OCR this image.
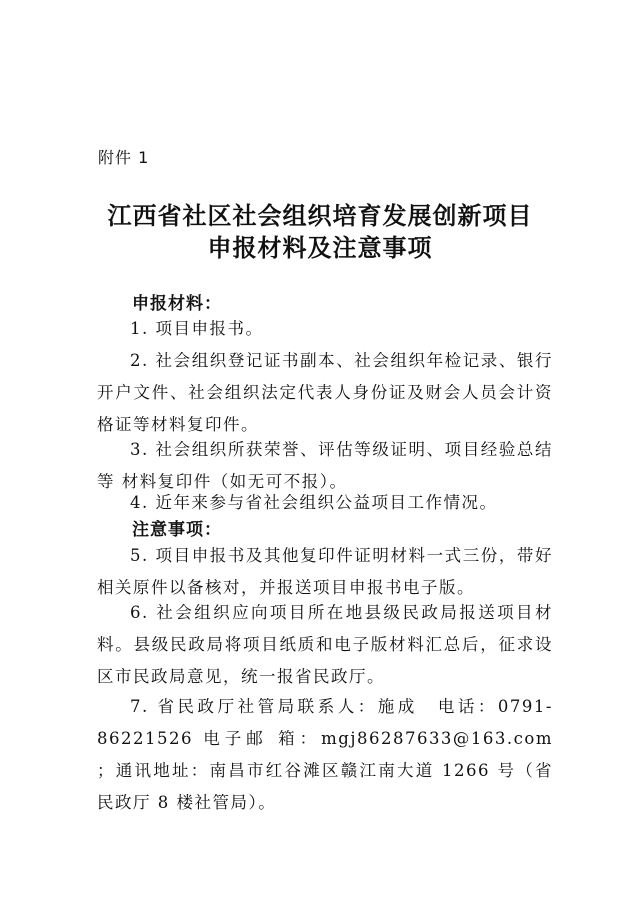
附件 1
江西省社区社会组织培育发展创新项目
申报材料及注意事项
申报材料：

1. 项目申报书。

2. 社会组织登记证书副本、社会组织年检记录、银行开户文件、社会组织法定代表人身份证及财会人员会计资格证等材料复印件。

3. 社会组织所获荣誉、评估等级证明、项目经验总结等 材料复印件（如无可不报）。

4. 近年来参与省社会组织公益项目工作情况。

注意事项：

5. 项目申报书及其他复印件证明材料一式三份，带好相关原件以备核对，并报送项目申报书电子版。

6. 社会组织应向项目所在地县级民政局报送项目材料。县级民政局将项目纸质和电子版材料汇总后，征求设区市民政局意见，统一报省民政厅。

7. 省民政厅社管局联系人：施成　电话：0791-86221526 电子邮 箱：mgj86287633@163.com ；通讯地址：南昌市红谷滩区赣江南大道 1266 号（省民政厅 8 楼社管局）。
